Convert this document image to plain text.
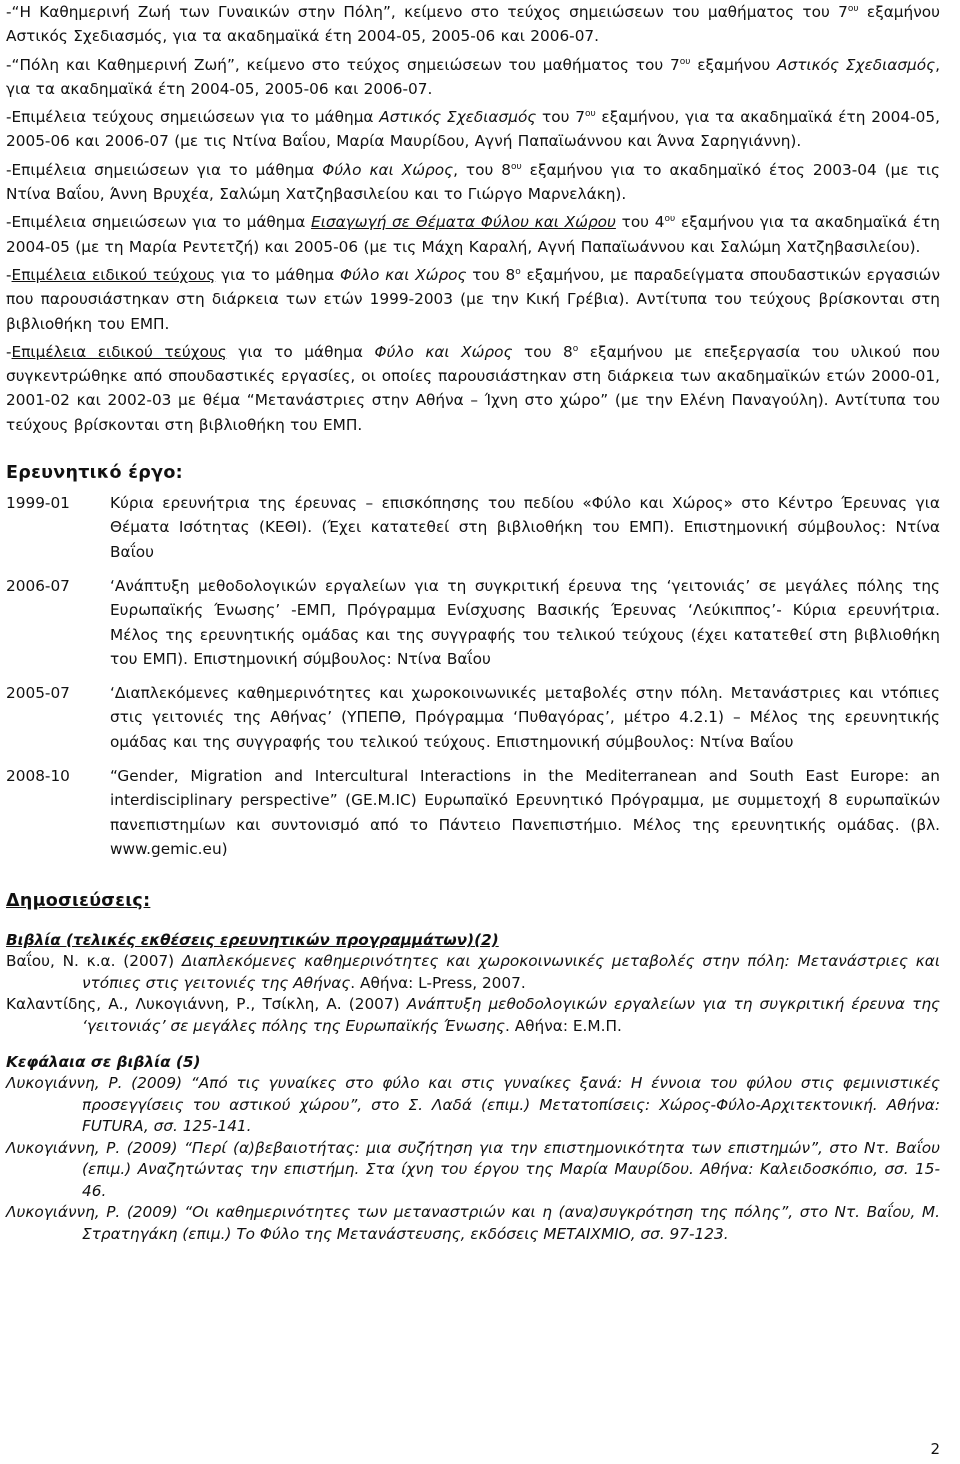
-“Η Καθημερινή Ζωή των Γυναικών στην Πόλη”, κείμενο στο τεύχος σημειώσεων του μαθήματος του $7^{o\upsilon}$ εξαμήνου Αστικός Σχεδιασμός, για τα ακαδημαϊκά έτη 2004-05, 2005-06 και 2006-07.

-“Πόλη και Καθημερινή Ζωή”, κείμενο στο τεύχος σημειώσεων του μαθήματος του $7^{o\upsilon}$ εξαμήνου Αστικός Σχεδιασμός, για τα ακαδημαϊκά έτη 2004-05, 2005-06 και 2006-07.

-Επιμέλεια τεύχους σημειώσεων για το μάθημα Αστικός Σχεδιασμός του $7^{o\upsilon}$ εξαμήνου, για τα ακαδημαϊκά έτη 2004-05, 2005-06 και 2006-07 (με τις Ντίνα Βαΐου, Μαρία Μαυρίδου, Αγνή Παπαϊωάννου και Άννα Σαρηγιάννη).

-Επιμέλεια σημειώσεων για το μάθημα Φύλο και Χώρος, του $8^{o\upsilon}$ εξαμήνου για το ακαδημαϊκό έτος 2003-04 (με τις Ντίνα Βαΐου, Άννη Βρυχέα, Σαλώμη Χατζηβασιλείου και το Γιώργο Μαρνελάκη).

-Επιμέλεια σημειώσεων για το μάθημα Εισαγωγή σε Θέματα Φύλου και Χώρου του $4^{o\upsilon}$ εξαμήνου για τα ακαδημαϊκά έτη 2004-05 (με τη Μαρία Ρεντετζή) και 2005-06 (με τις Μάχη Καραλή, Αγνή Παπαϊωάννου και Σαλώμη Χατζηβασιλείου).

-Επιμέλεια ειδικού τεύχους για το μάθημα Φύλο και Χώρος του $8^o$ εξαμήνου, με παραδείγματα σπουδαστικών εργασιών που παρουσιάστηκαν στη διάρκεια των ετών 1999-2003 (με την Κική Γρέβια). Αντίτυπα του τεύχους βρίσκονται στη βιβλιοθήκη του ΕΜΠ.

-Επιμέλεια ειδικού τεύχους για το μάθημα Φύλο και Χώρος του $8^o$ εξαμήνου με επεξεργασία του υλικού που συγκεντρώθηκε από σπουδαστικές εργασίες, οι οποίες παρουσιάστηκαν στη διάρκεια των ακαδημαϊκών ετών 2000-01, 2001-02 και 2002-03 με θέμα “Μετανάστριες στην Αθήνα – Ίχνη στο χώρο” (με την Ελένη Παναγούλη). Αντίτυπα του τεύχους βρίσκονται στη βιβλιοθήκη του ΕΜΠ.

Ερευνητικό έργο:
1999-01	Κύρια ερευνήτρια της έρευνας – επισκόπησης του πεδίου «Φύλο και Χώρος» στο Κέντρο Έρευνας για Θέματα Ισότητας (ΚΕΘΙ). (Έχει κατατεθεί στη βιβλιοθήκη του ΕΜΠ). Επιστημονική σύμβουλος: Ντίνα Βαΐου
2006-07	‘Ανάπτυξη μεθοδολογικών εργαλείων για τη συγκριτική έρευνα της ‘γειτονιάς’ σε μεγάλες πόλης της Ευρωπαϊκής Ένωσης’ -ΕΜΠ, Πρόγραμμα Ενίσχυσης Βασικής Έρευνας ‘Λεύκιππος’- Κύρια ερευνήτρια. Μέλος της ερευνητικής ομάδας και της συγγραφής του τελικού τεύχους (έχει κατατεθεί στη βιβλιοθήκη του ΕΜΠ). Επιστημονική σύμβουλος: Ντίνα Βαΐου
2005-07	‘Διαπλεκόμενες καθημερινότητες και χωροκοινωνικές μεταβολές στην πόλη. Μετανάστριες και ντόπιες στις γειτονιές της Αθήνας’ (ΥΠΕΠΘ, Πρόγραμμα ‘Πυθαγόρας’, μέτρο 4.2.1) – Μέλος της ερευνητικής ομάδας και της συγγραφής του τελικού τεύχους. Επιστημονική σύμβουλος: Ντίνα Βαΐου
2008-10	“Gender, Migration and Intercultural Interactions in the Mediterranean and South East Europe: an interdisciplinary perspective” (GE.M.IC) Ευρωπαϊκό Ερευνητικό Πρόγραμμα, με συμμετοχή 8 ευρωπαϊκών πανεπιστημίων και συντονισμό από το Πάντειο Πανεπιστήμιο. Μέλος της ερευνητικής ομάδας. (βλ. www.gemic.eu)
Δημοσιεύσεις:
Βιβλία (τελικές εκθέσεις ερευνητικών προγραμμάτων)(2)

Βαΐου, Ν. κ.α. (2007) Διαπλεκόμενες καθημερινότητες και χωροκοινωνικές μεταβολές στην πόλη: Μετανάστριες και ντόπιες στις γειτονιές της Αθήνας. Αθήνα: L-Press, 2007.

Καλαντίδης, Α., Λυκογιάννη, Ρ., Τσίκλη, Α. (2007) Ανάπτυξη μεθοδολογικών εργαλείων για τη συγκριτική έρευνα της ‘γειτονιάς’ σε μεγάλες πόλης της Ευρωπαϊκής Ένωσης. Αθήνα: Ε.Μ.Π.

Κεφάλαια σε βιβλία (5)

Λυκογιάννη, Ρ. (2009) “Από τις γυναίκες στο φύλο και στις γυναίκες ξανά: Η έννοια του φύλου στις φεμινιστικές προσεγγίσεις του αστικού χώρου”, στο Σ. Λαδά (επιμ.) Μετατοπίσεις: Χώρος-Φύλο-Αρχιτεκτονική. Αθήνα: FUTURA, σσ. 125-141.

Λυκογιάννη, Ρ. (2009) “Περί (α)βεβαιοτήτας: μια συζήτηση για την επιστημονικότητα των επιστημών”, στο Ντ. Βαΐου (επιμ.) Αναζητώντας την επιστήμη. Στα ίχνη του έργου της Μαρία Μαυρίδου. Αθήνα: Καλειδοσκόπιο, σσ. 15-46.

Λυκογιάννη, Ρ. (2009) “Οι καθημερινότητες των μεταναστριών και η (ανα)συγκρότηση της πόλης”, στο Ντ. Βαΐου, Μ. Στρατηγάκη (επιμ.) Το Φύλο της Μετανάστευσης, εκδόσεις ΜΕΤΑΙΧΜΙΟ, σσ. 97-123.

2
